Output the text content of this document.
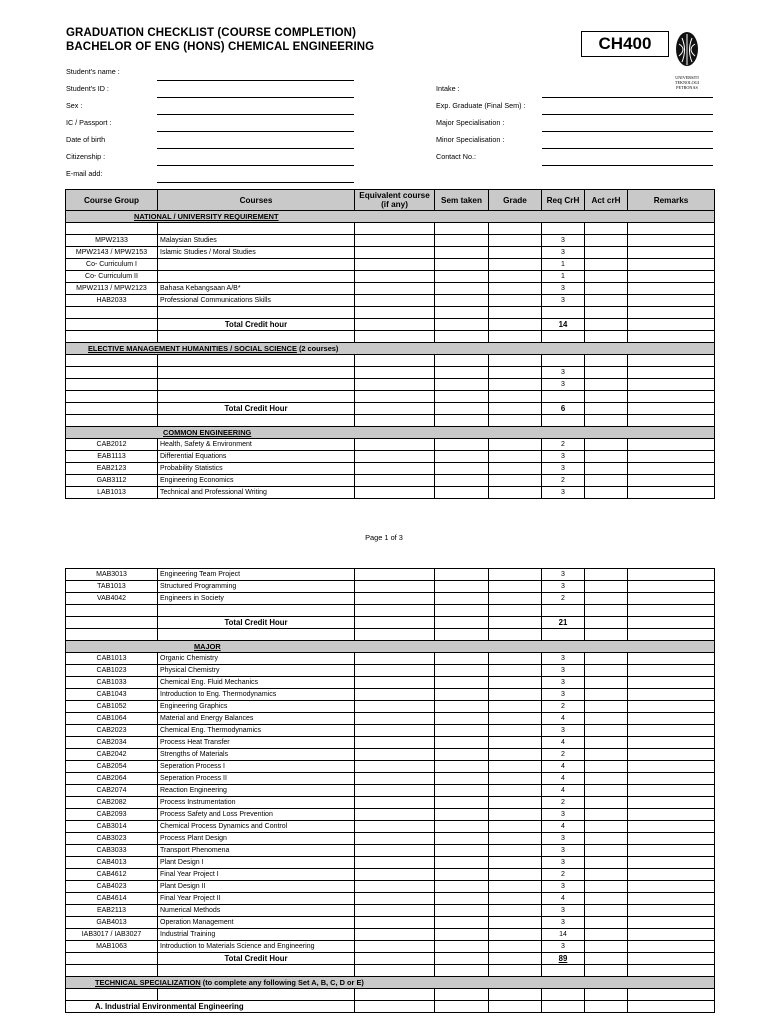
GRADUATION CHECKLIST (COURSE COMPLETION)
BACHELOR OF ENG (HONS) CHEMICAL ENGINEERING	CH400
UNIVERSITI
TEKNOLOGI
PETRONAS
Student's name :
Student's ID :
Sex :
IC / Passport :
Date of birth
Citizenship :
E-mail add:
Intake :
Exp. Graduate (Final Sem) :
Major Specialisation :
Minor Specialisation :
Contact No.:
Course Group	Courses	Equivalent course (if any)	Sem taken	Grade	Req CrH	Act crH	Remarks
NATIONAL / UNIVERSITY REQUIREMENT							

MPW2133	Malaysian Studies				3		
MPW2143 / MPW2153	Islamic Studies / Moral Studies				3		
Co- Curriculum I					1		
Co- Curriculum II					1		
MPW2113 / MPW2123	Bahasa Kebangsaan A/B*				3		
HAB2033	Professional Communications Skills				3		

	Total Credit hour				14		

ELECTIVE MANAGEMENT HUMANITIES / SOCIAL SCIENCE (2 courses)							

					3		
					3		

	Total Credit Hour				6		

COMMON ENGINEERING							
CAB2012	Health, Safety & Environment				2		
EAB1113	Differential Equations				3		
EAB2123	Probability Statistics				3		
GAB3112	Engineering Economics				2		
LAB1013	Technical and Professional Writing				3		
Page 1 of 3
MAB3013	Engineering Team Project				3		
TAB1013	Structured Programming				3		
VAB4042	Engineers in Society				2		

	Total Credit Hour				21		

MAJOR							
CAB1013	Organic Chemistry				3		
CAB1023	Physical Chemistry				3		
CAB1033	Chemical Eng. Fluid Mechanics				3		
CAB1043	Introduction to Eng. Thermodynamics				3		
CAB1052	Engineering Graphics				2		
CAB1064	Material and Energy Balances				4		
CAB2023	Chemical Eng. Thermodynamics				3		
CAB2034	Process Heat Transfer				4		
CAB2042	Strengths of Materials				2		
CAB2054	Seperation Process I				4		
CAB2064	Seperation Process II				4		
CAB2074	Reaction Engineering				4		
CAB2082	Process Instrumentation				2		
CAB2093	Process Safety and Loss Prevention				3		
CAB3014	Chemical Process Dynamics and Control				4		
CAB3023	Process Plant Design				3		
CAB3033	Transport Phenomena				3		
CAB4013	Plant Design I				3		
CAB4612	Final Year Project I				2		
CAB4023	Plant Design II				3		
CAB4614	Final Year Project II				4		
EAB2113	Numerical Methods				3		
GAB4013	Operation Management				3		
IAB3017 / IAB3027	Industrial Training				14		
MAB1063	Introduction to Materials Science and Engineering				3		
	Total Credit Hour				89		

TECHNICAL SPECIALIZATION (to complete any following Set A, B, C, D or E)							

A. Industrial Environmental Engineering							
